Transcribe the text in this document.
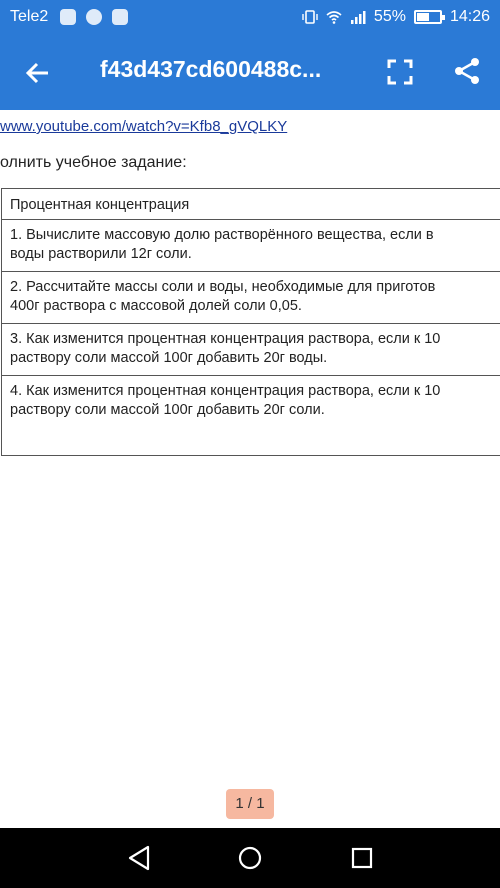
Tele2	55%	14:26
f43d437cd600488c...
www.youtube.com/watch?v=Kfb8_gVQLKY
олнить учебное задание:
Процентная концентрация
1. Вычислите массовую долю растворённого вещества, если в
воды растворили 12г соли.
2. Рассчитайте массы соли и воды, необходимые для приготов
400г раствора с массовой долей соли 0,05.
3. Как изменится процентная концентрация раствора, если к 10
раствору соли массой 100г добавить 20г воды.
4. Как изменится процентная концентрация раствора, если к 10
раствору соли массой 100г добавить 20г соли.
1 / 1
